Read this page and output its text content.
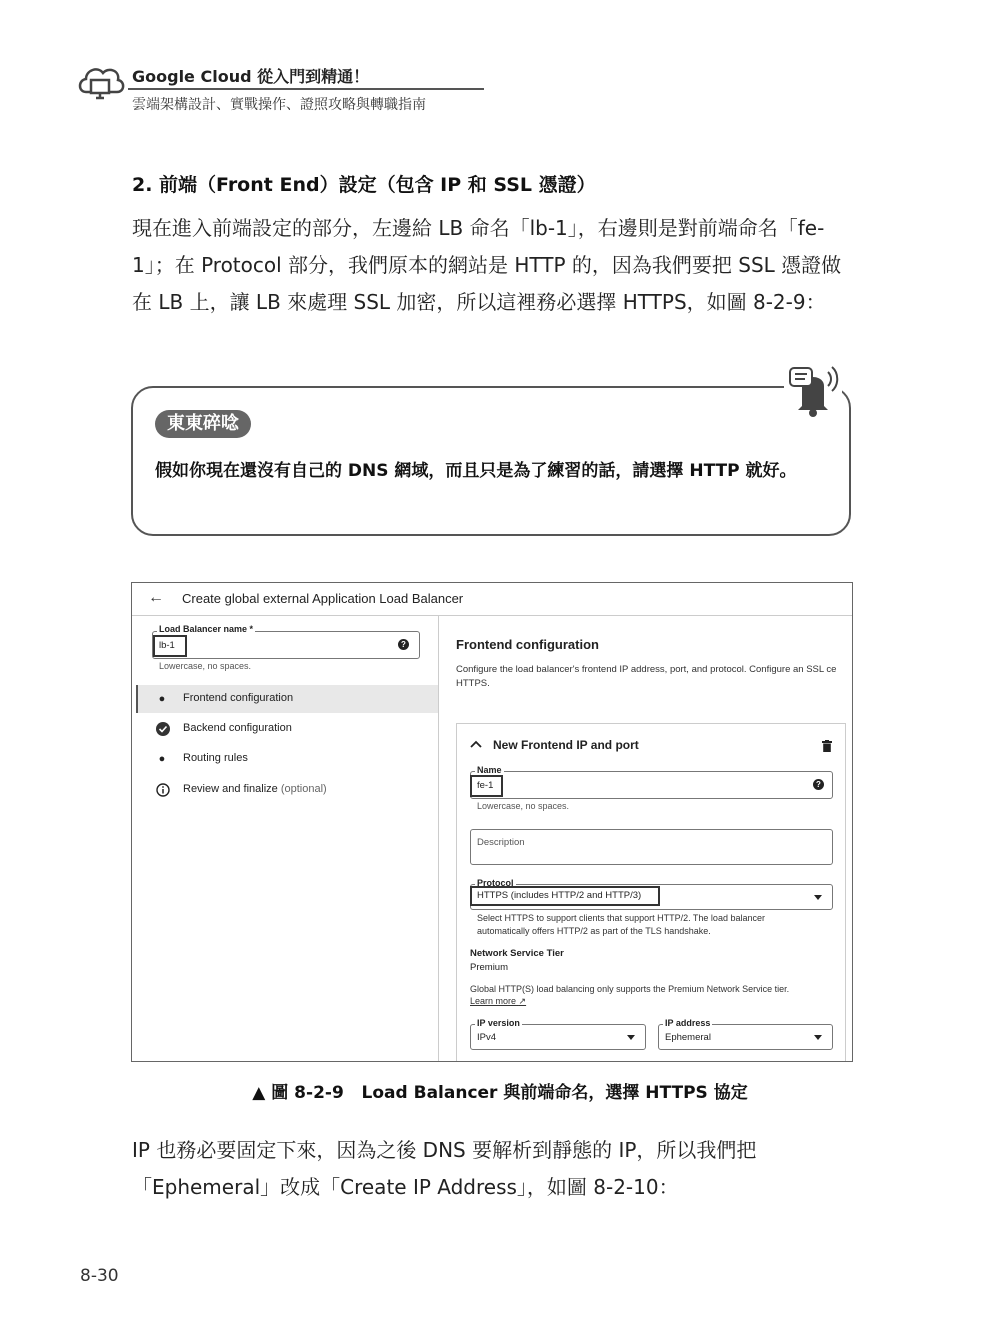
Google Cloud 從入門到精通！
雲端架構設計、實戰操作、證照攻略與轉職指南
2. 前端（Front End）設定（包含 IP 和 SSL 憑證）
現在進入前端設定的部分，左邊給 LB 命名「lb-1」，右邊則是對前端命名「fe-1」；在 Protocol 部分，我們原本的網站是 HTTP 的，因為我們要把 SSL 憑證做在 LB 上，讓 LB 來處理 SSL 加密，所以這裡務必選擇 HTTPS，如圖 8-2-9：
東東碎唸
假如你現在還沒有自己的 DNS 網域，而且只是為了練習的話，請選擇 HTTP 就好。
← Create global external Application Load Balancer
Load Balancer name *
lb-1	?
Lowercase, no spaces.
● Frontend configuration
Backend configuration
● Routing rules
Review and finalize (optional)
Frontend configuration
Configure the load balancer's frontend IP address, port, and protocol. Configure an SSL ce HTTPS.
New Frontend IP and port
Name
fe-1	?
Lowercase, no spaces.
Description
Protocol
HTTPS (includes HTTP/2 and HTTP/3)
Select HTTPS to support clients that support HTTP/2. The load balancer
automatically offers HTTP/2 as part of the TLS handshake.
Network Service Tier
Premium
Global HTTP(S) load balancing only supports the Premium Network Service tier.
Learn more ↗
IP version
IPv4
IP address
Ephemeral
▲ 圖 8-2-9 Load Balancer 與前端命名，選擇 HTTPS 協定
IP 也務必要固定下來，因為之後 DNS 要解析到靜態的 IP，所以我們把「Ephemeral」改成「Create IP Address」，如圖 8-2-10：
8-30
